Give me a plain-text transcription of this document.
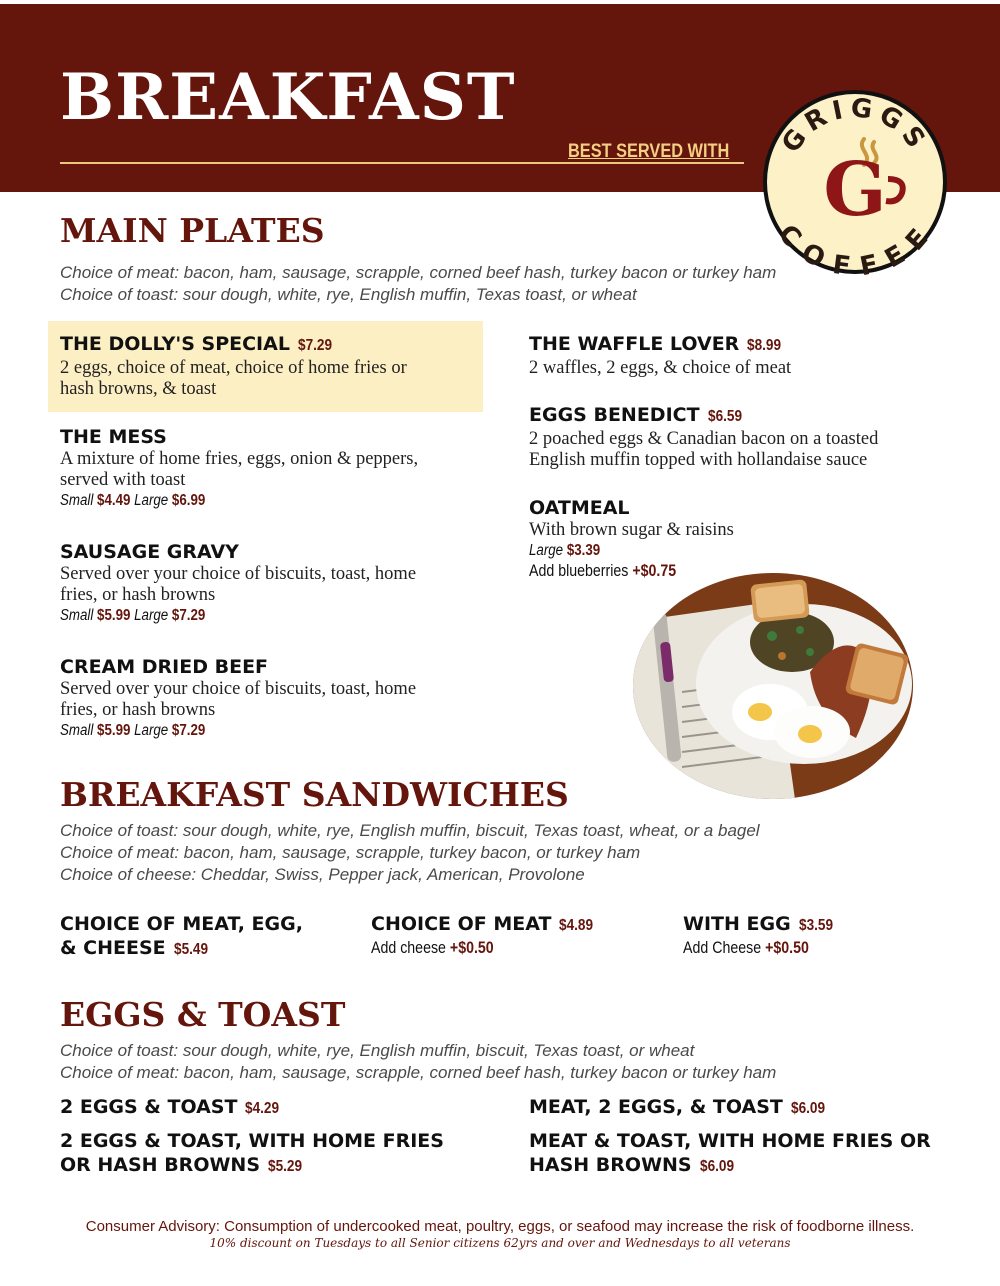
BREAKFAST
BEST SERVED WITH GRIGGS
COFFEE
G
MAIN PLATES
Choice of meat: bacon, ham, sausage, scrapple, corned beef hash, turkey bacon or turkey ham
Choice of toast: sour dough, white, rye, English muffin, Texas toast, or wheat
THE DOLLY'S SPECIAL $7.29
2 eggs, choice of meat, choice of home fries or
hash browns, & toast
THE MESS
A mixture of home fries, eggs, onion & peppers,
served with toast
Small $4.49 Large $6.99
SAUSAGE GRAVY
Served over your choice of biscuits, toast, home
fries, or hash browns
Small $5.99 Large $7.29
CREAM DRIED BEEF
Served over your choice of biscuits, toast, home
fries, or hash browns
Small $5.99 Large $7.29
THE WAFFLE LOVER $8.99
2 waffles, 2 eggs, & choice of meat
EGGS BENEDICT $6.59
2 poached eggs & Canadian bacon on a toasted
English muffin topped with hollandaise sauce
OATMEAL
With brown sugar & raisins
Large $3.39
Add blueberries +$0.75
BREAKFAST SANDWICHES
Choice of toast: sour dough, white, rye, English muffin, biscuit, Texas toast, wheat, or a bagel
Choice of meat: bacon, ham, sausage, scrapple, turkey bacon, or turkey ham
Choice of cheese: Cheddar, Swiss, Pepper jack, American, Provolone
CHOICE OF MEAT, EGG,
& CHEESE $5.49
CHOICE OF MEAT $4.89
Add cheese +$0.50
WITH EGG $3.59
Add Cheese +$0.50
EGGS & TOAST
Choice of toast: sour dough, white, rye, English muffin, biscuit, Texas toast, or wheat
Choice of meat: bacon, ham, sausage, scrapple, corned beef hash, turkey bacon or turkey ham
2 EGGS & TOAST $4.29
2 EGGS & TOAST, WITH HOME FRIES
OR HASH BROWNS $5.29
MEAT, 2 EGGS, & TOAST $6.09
MEAT & TOAST, WITH HOME FRIES OR
HASH BROWNS $6.09
Consumer Advisory: Consumption of undercooked meat, poultry, eggs, or seafood may increase the risk of foodborne illness.
10% discount on Tuesdays to all Senior citizens 62yrs and over and Wednesdays to all veterans
